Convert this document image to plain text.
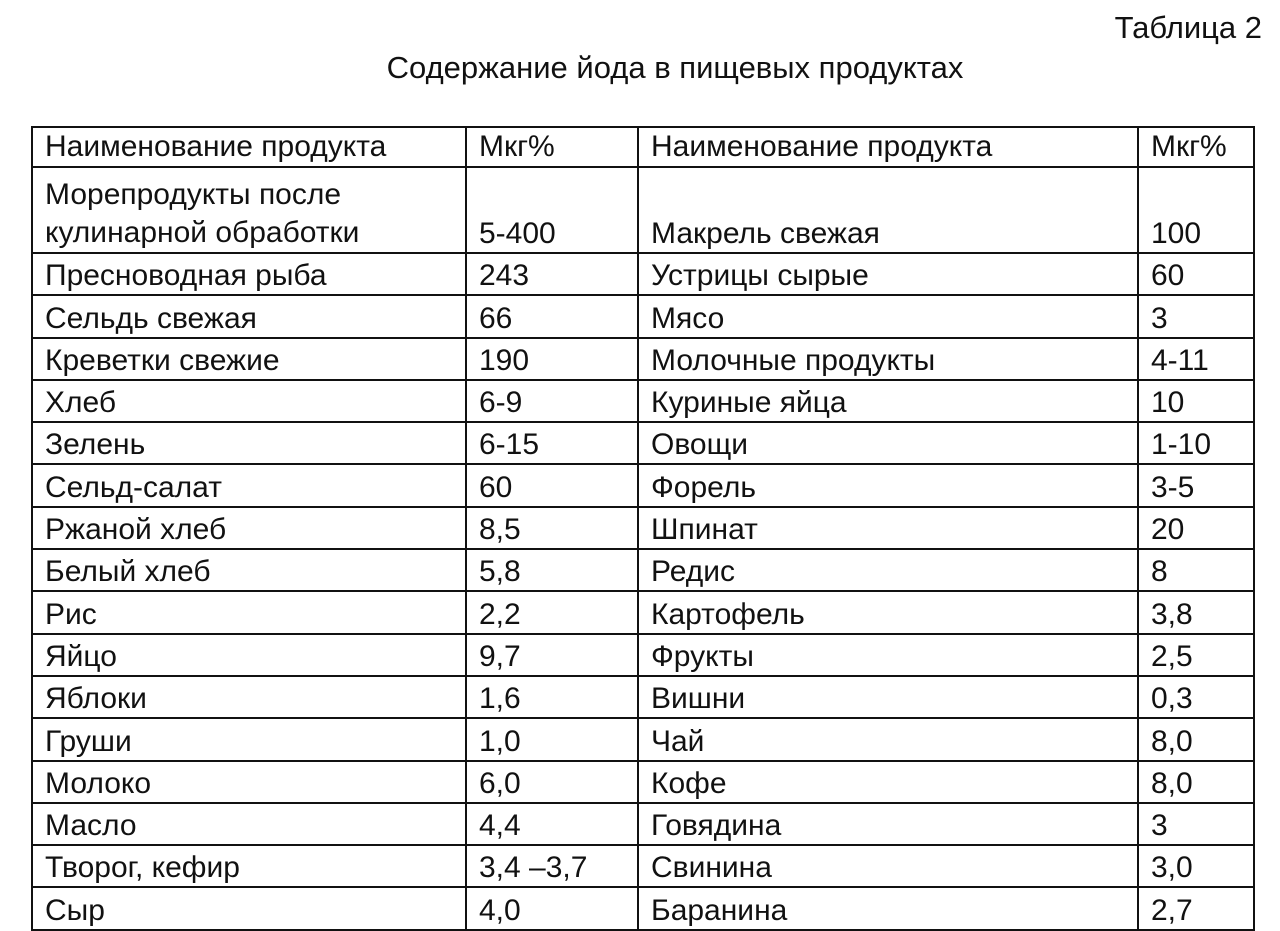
Таблица 2
Содержание йода в пищевых продуктах
Наименование продукта	Мкг%	Наименование продукта	Мкг%
Морепродукты после кулинарной обработки	5-400	Макрель свежая	100
Пресноводная рыба	243	Устрицы сырые	60
Сельдь свежая	66	Мясо	3
Креветки свежие	190	Молочные продукты	4-11
Хлеб	6-9	Куриные яйца	10
Зелень	6-15	Овощи	1-10
Сельд-салат	60	Форель	3-5
Ржаной хлеб	8,5	Шпинат	20
Белый хлеб	5,8	Редис	8
Рис	2,2	Картофель	3,8
Яйцо	9,7	Фрукты	2,5
Яблоки	1,6	Вишни	0,3
Груши	1,0	Чай	8,0
Молоко	6,0	Кофе	8,0
Масло	4,4	Говядина	3
Творог, кефир	3,4 –3,7	Свинина	3,0
Сыр	4,0	Баранина	2,7
